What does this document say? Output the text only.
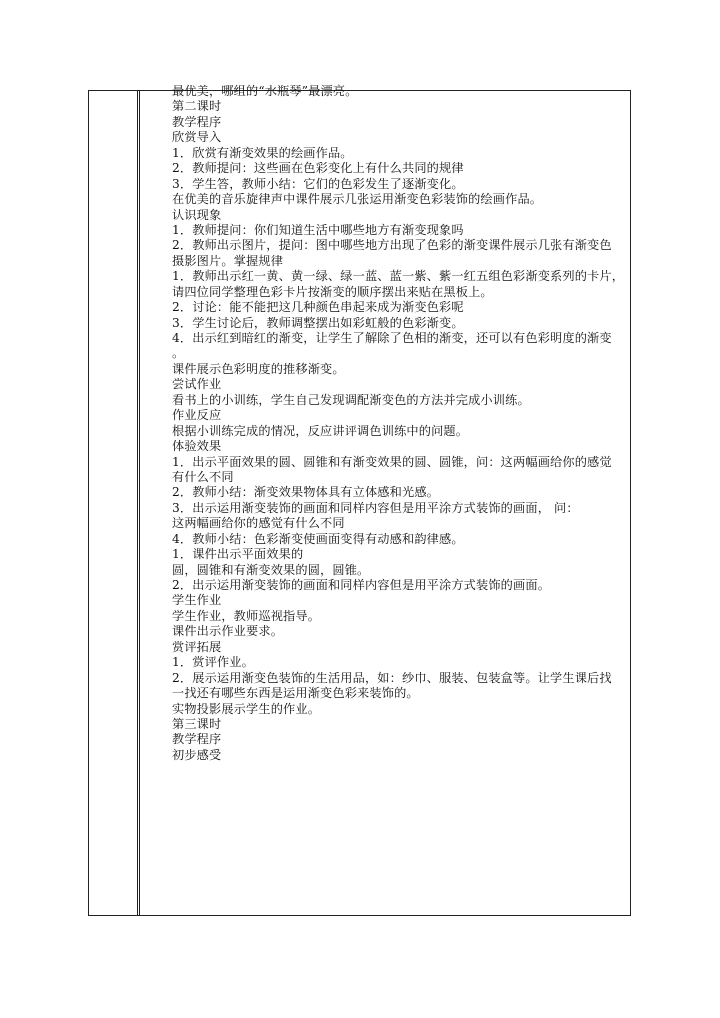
最优美，哪组的“水瓶琴”最漂亮。
第二课时
教学程序
欣赏导入
1．欣赏有渐变效果的绘画作品。
2．教师提问：这些画在色彩变化上有什么共同的规律
3．学生答，教师小结：它们的色彩发生了逐渐变化。
在优美的音乐旋律声中课件展示几张运用渐变色彩装饰的绘画作品。
认识现象
1．教师提问：你们知道生活中哪些地方有渐变现象吗
2．教师出示图片，提问：图中哪些地方出现了色彩的渐变课件展示几张有渐变色
摄影图片。掌握规律
1．教师出示红一黄、黄一绿、绿一蓝、蓝一紫、紫一红五组色彩渐变系列的卡片，
请四位同学整理色彩卡片按渐变的顺序摆出来贴在黑板上。
2．讨论：能不能把这几种颜色串起来成为渐变色彩呢
3．学生讨论后，教师调整摆出如彩虹般的色彩渐变。
4．出示红到暗红的渐变，让学生了解除了色相的渐变，还可以有色彩明度的渐变
。
课件展示色彩明度的推移渐变。
尝试作业
看书上的小训练，学生自己发现调配渐变色的方法并完成小训练。
作业反应
根据小训练完成的情况，反应讲评调色训练中的问题。
体验效果
1．出示平面效果的圆、圆锥和有渐变效果的圆、圆锥，问：这两幅画给你的感觉
有什么不同
2．教师小结：渐变效果物体具有立体感和光感。
3．出示运用渐变装饰的画面和同样内容但是用平涂方式装饰的画面， 问：
这两幅画给你的感觉有什么不同
4．教师小结：色彩渐变使画面变得有动感和韵律感。
1．课件出示平面效果的
圆，圆锥和有渐变效果的圆，圆锥。
2．出示运用渐变装饰的画面和同样内容但是用平涂方式装饰的画面。
学生作业
学生作业，教师巡视指导。
课件出示作业要求。
赏评拓展
1．赏评作业。
2．展示运用渐变色装饰的生活用品，如：纱巾、服装、包装盒等。让学生课后找
一找还有哪些东西是运用渐变色彩来装饰的。
实物投影展示学生的作业。
第三课时
教学程序
初步感受
